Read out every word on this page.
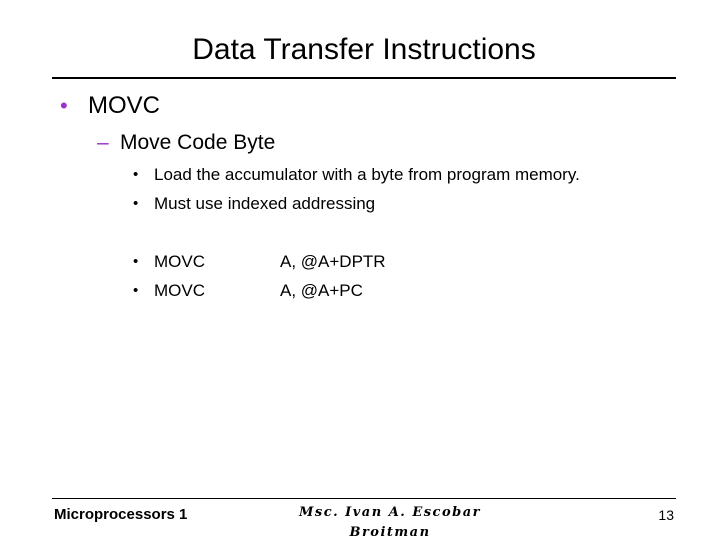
Data Transfer Instructions
• MOVC
– Move Code Byte
• Load the accumulator with a byte from program memory.
• Must use indexed addressing
• MOVC	A, @A+DPTR
• MOVC	A, @A+PC
Microprocessors 1	Msc. Ivan A. Escobar
Broitman
13
